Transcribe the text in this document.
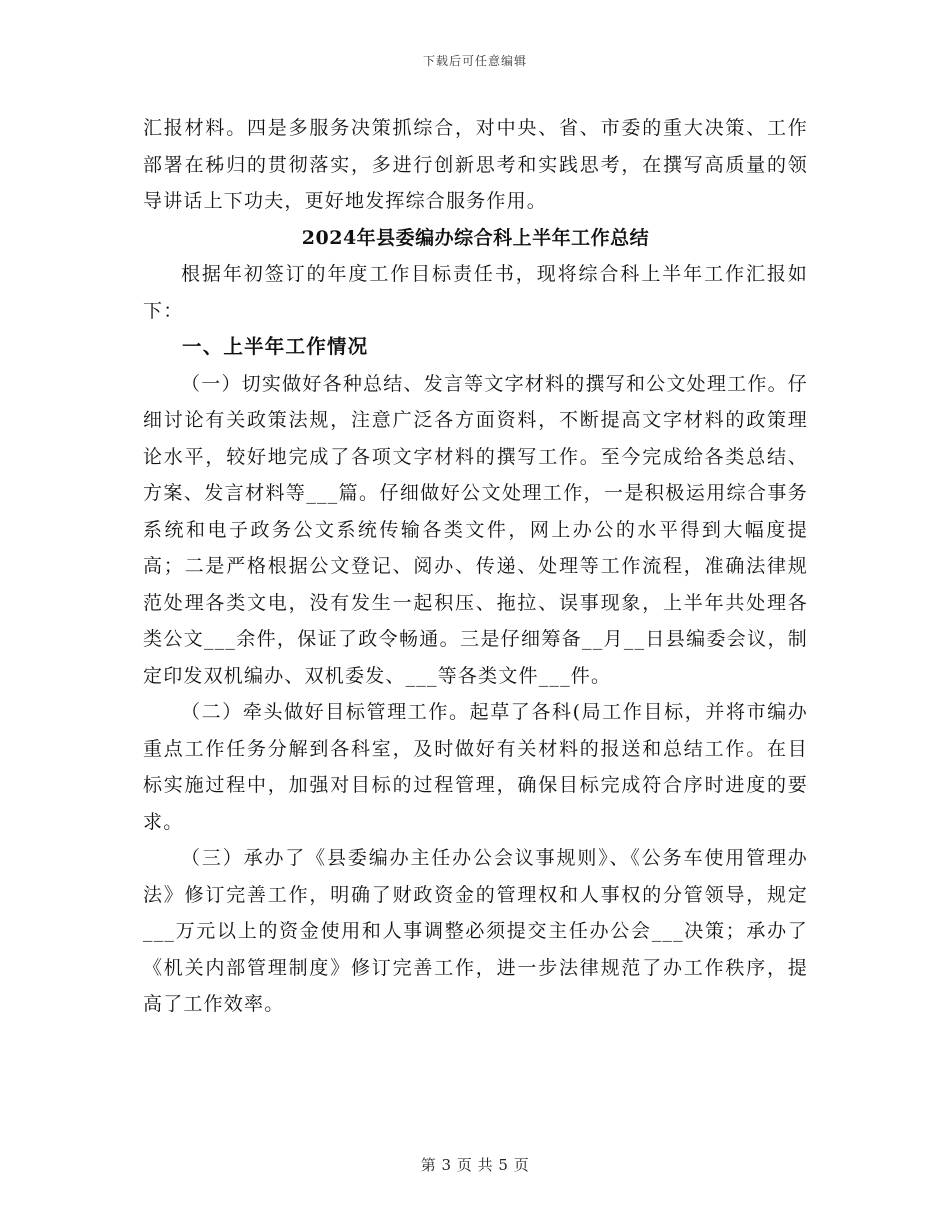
下载后可任意编辑

汇报材料。四是多服务决策抓综合，对中央、省、市委的重大决策、工作部署在秭归的贯彻落实，多进行创新思考和实践思考，在撰写高质量的领导讲话上下功夫，更好地发挥综合服务作用。

2024年县委编办综合科上半年工作总结

根据年初签订的年度工作目标责任书，现将综合科上半年工作汇报如下：

一、上半年工作情况

（一）切实做好各种总结、发言等文字材料的撰写和公文处理工作。仔细讨论有关政策法规，注意广泛各方面资料，不断提高文字材料的政策理论水平，较好地完成了各项文字材料的撰写工作。至今完成给各类总结、方案、发言材料等___篇。仔细做好公文处理工作，一是积极运用综合事务系统和电子政务公文系统传输各类文件，网上办公的水平得到大幅度提高；二是严格根据公文登记、阅办、传递、处理等工作流程，准确法律规范处理各类文电，没有发生一起积压、拖拉、误事现象，上半年共处理各类公文___余件，保证了政令畅通。三是仔细筹备__月__日县编委会议，制定印发双机编办、双机委发、___等各类文件___件。

（二）牵头做好目标管理工作。起草了各科(局工作目标，并将市编办重点工作任务分解到各科室，及时做好有关材料的报送和总结工作。在目标实施过程中，加强对目标的过程管理，确保目标完成符合序时进度的要求。

（三）承办了《县委编办主任办公会议事规则》、《公务车使用管理办法》修订完善工作，明确了财政资金的管理权和人事权的分管领导，规定___万元以上的资金使用和人事调整必须提交主任办公会___决策；承办了《机关内部管理制度》修订完善工作，进一步法律规范了办工作秩序，提高了工作效率。

第 3 页 共 5 页
